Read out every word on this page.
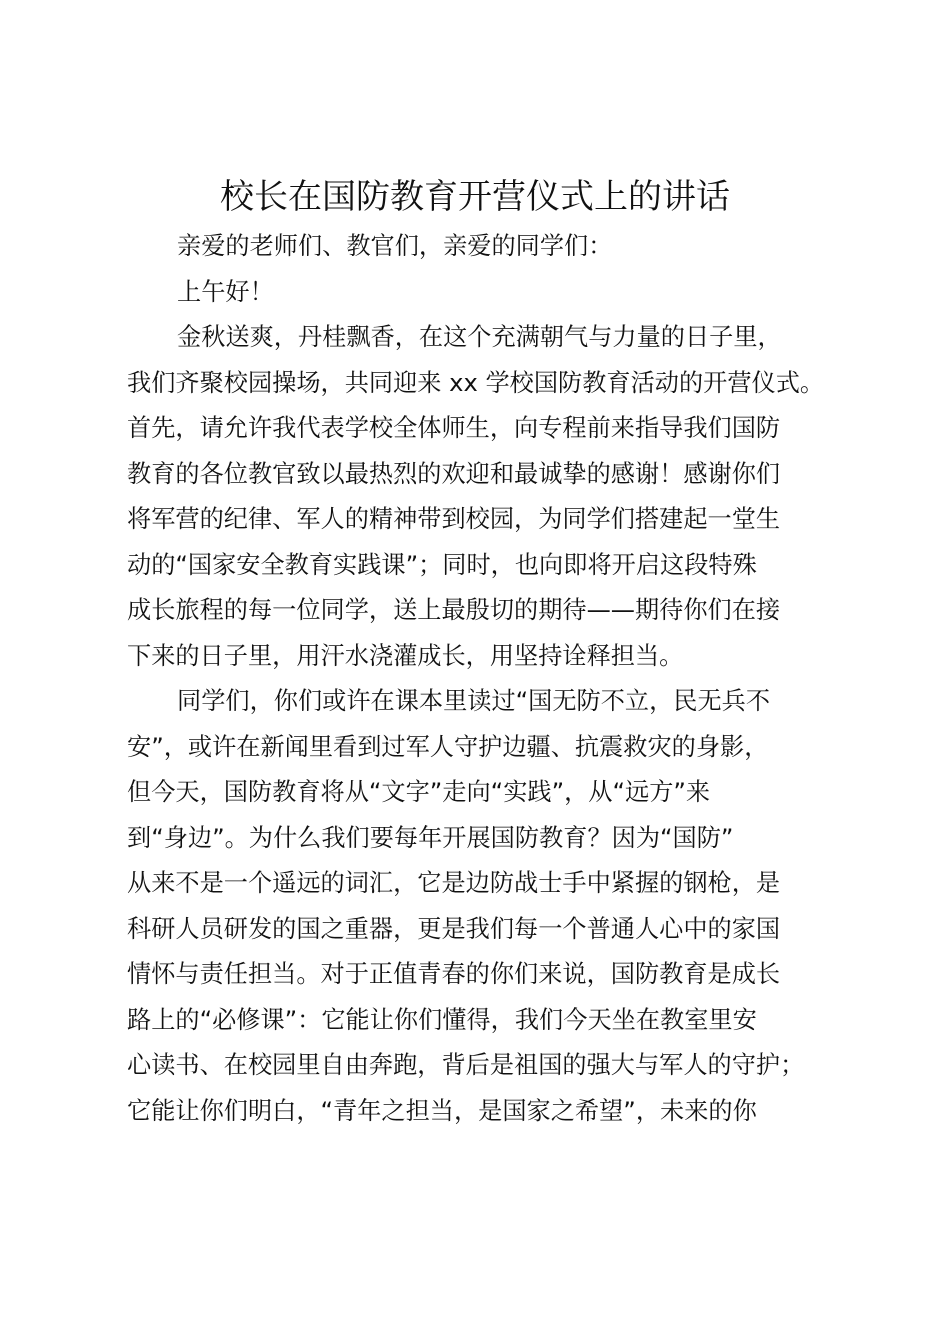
校长在国防教育开营仪式上的讲话
亲爱的老师们、教官们，亲爱的同学们：
上午好！
金秋送爽，丹桂飘香，在这个充满朝气与力量的日子里，
我们齐聚校园操场，共同迎来 xx 学校国防教育活动的开营仪式。
首先，请允许我代表学校全体师生，向专程前来指导我们国防
教育的各位教官致以最热烈的欢迎和最诚挚的感谢！感谢你们
将军营的纪律、军人的精神带到校园，为同学们搭建起一堂生
动的“国家安全教育实践课”；同时，也向即将开启这段特殊
成长旅程的每一位同学，送上最殷切的期待——期待你们在接
下来的日子里，用汗水浇灌成长，用坚持诠释担当。
同学们，你们或许在课本里读过“国无防不立，民无兵不
安”，或许在新闻里看到过军人守护边疆、抗震救灾的身影，
但今天，国防教育将从“文字”走向“实践”，从“远方”来
到“身边”。为什么我们要每年开展国防教育？因为“国防”
从来不是一个遥远的词汇，它是边防战士手中紧握的钢枪，是
科研人员研发的国之重器，更是我们每一个普通人心中的家国
情怀与责任担当。对于正值青春的你们来说，国防教育是成长
路上的“必修课”：它能让你们懂得，我们今天坐在教室里安
心读书、在校园里自由奔跑，背后是祖国的强大与军人的守护；
它能让你们明白，“青年之担当，是国家之希望”，未来的你
